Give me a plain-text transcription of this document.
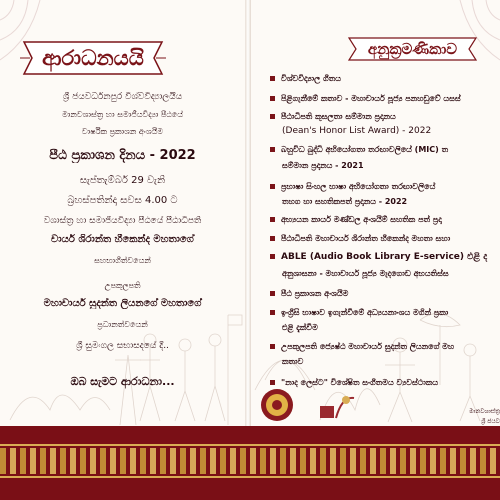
ආරාධනයයි	අනුක්‍රමණිකාව
ශ්‍රී ජයවර්ධනපුර විශ්වවිද්‍යාලයීය
මානවශාස්ත්‍ර හා සමාජීයවිද්‍යා පීඨයේ
වාර්ෂික ප්‍රකාශන අංශයීම
පීඨ ප්‍රකාශන දිනය - 2022
සැප්තැම්බර් 29 වැනි
බ්‍රහස්පතින්දා සවස 4.00 ට
වශාස්ත්‍ර හා සමාජීයවිද්‍යා පීඨයේ පීඨාධිපති
චාර්ය ශිරාන්ත හීකෙන්ද මහතාගේ
සහභාගීත්වයෙන්
උපකුලපති
මහාචාර්ය සුදන්ත ලියනගේ මහතාගේ
ප්‍රධානත්වයෙන්
ශ්‍රී සුමංගල සභාසදයේ දී..
ඔබ සැමට ආරාධනා...
විශ්වවිද්‍යාල ගීතය
පිළිගැනීමේ කතාව - මහාචාර්ය පූජ්‍ය පනහඩුවේ යසස්
පීඨාධිපති කුසලතා සම්මාන ප්‍රදානය
(Dean's Honor List Award) - 2022
බහුවිධ බුද්ධි අභියෝගතා තරඟාවලියේ (MIC) ත
සම්මාන ප්‍රදානය - 2021
ප්‍රභාෂා සිංහල භාෂා අභියෝගතා තරඟාවලියේ
තහග හා සහතිකපත් ප්‍රදානය - 2022
අභ්‍යයන කාර්ය මණ්ඩල අංශයීම් සහතික පත් ප්‍රදා
පීඨාධිපති මහාචාර්ය ශිරාන්ත හීකෙන්ද මහතා සහා
ABLE (Audio Book Library E-service) එළි ද
අනුශාසනා - මහාචාර්ය පූජ්‍ය මැදගොඩ අභයතිස්ස
පීඨ ප්‍රකාශන අංශයීම
ඉංග්‍රීසි භාෂාව ඉගැන්වීමේ අධ්‍යයනාංශය මගින් ප්‍රකා
එළි දැක්වීම
උපකුලපති ජ්‍යෙෂ්ඨ මහාචාර්ය සුදන්ත ලියනගේ මහ
කතාව
"නාද ලෙස්ට" විශේෂිත සංගීතමය ව්‍යවස්ථාකය
මානවශාස්ත්‍ර
ශ්‍රී ජයව
